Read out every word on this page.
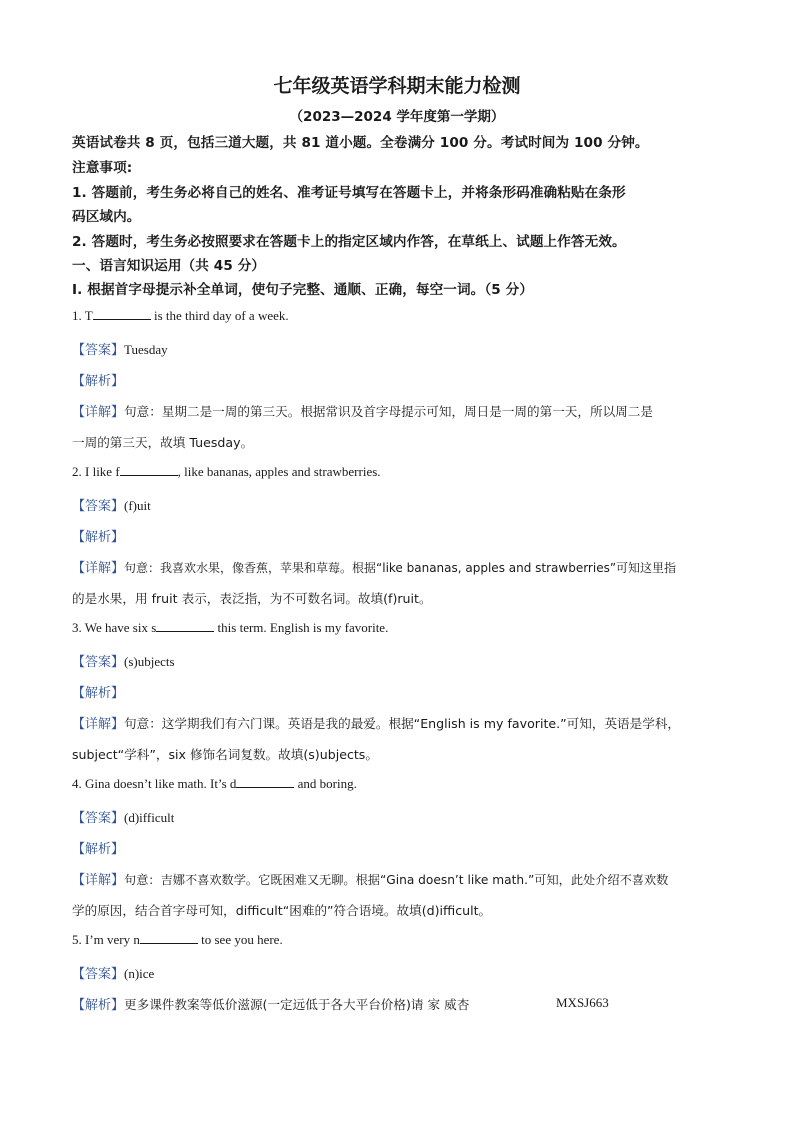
七年级英语学科期末能力检测
（2023—2024 学年度第一学期）
英语试卷共 8 页，包括三道大题，共 81 道小题。全卷满分 100 分。考试时间为 100 分钟。
注意事项:
1. 答题前，考生务必将自己的姓名、准考证号填写在答题卡上，并将条形码准确粘贴在条形
码区域内。
2. 答题时，考生务必按照要求在答题卡上的指定区域内作答，在草纸上、试题上作答无效。
一、语言知识运用（共 45 分）
I. 根据首字母提示补全单词，使句子完整、通顺、正确，每空一词。（5 分）
1. T	is the third day of a week.
【答案】Tuesday
【解析】
【详解】句意：星期二是一周的第三天。根据常识及首字母提示可知，周日是一周的第一天，所以周二是
一周的第三天，故填 Tuesday。
2. I like f	, like bananas, apples and strawberries.
【答案】(f)uit
【解析】
【详解】句意：我喜欢水果，像香蕉，苹果和草莓。根据“like bananas, apples and strawberries”可知这里指
的是水果，用 fruit 表示，表泛指，为不可数名词。故填(f)ruit。
3. We have six s	this term. English is my favorite.
【答案】(s)ubjects
【解析】
【详解】句意：这学期我们有六门课。英语是我的最爱。根据“English is my favorite.”可知，英语是学科，
subject“学科”，six 修饰名词复数。故填(s)ubjects。
4. Gina doesn’t like math. It’s d	and boring.
【答案】(d)ifficult
【解析】
【详解】句意：吉娜不喜欢数学。它既困难又无聊。根据“Gina doesn’t like math.”可知，此处介绍不喜欢数
学的原因，结合首字母可知，difficult“困难的”符合语境。故填(d)ifficult。
5. I’m very n	to see you here.
【答案】(n)ice
【解析】更多课件教案等低价滋源(一定远低于各大平台价格)请 家 威杏	MXSJ663
